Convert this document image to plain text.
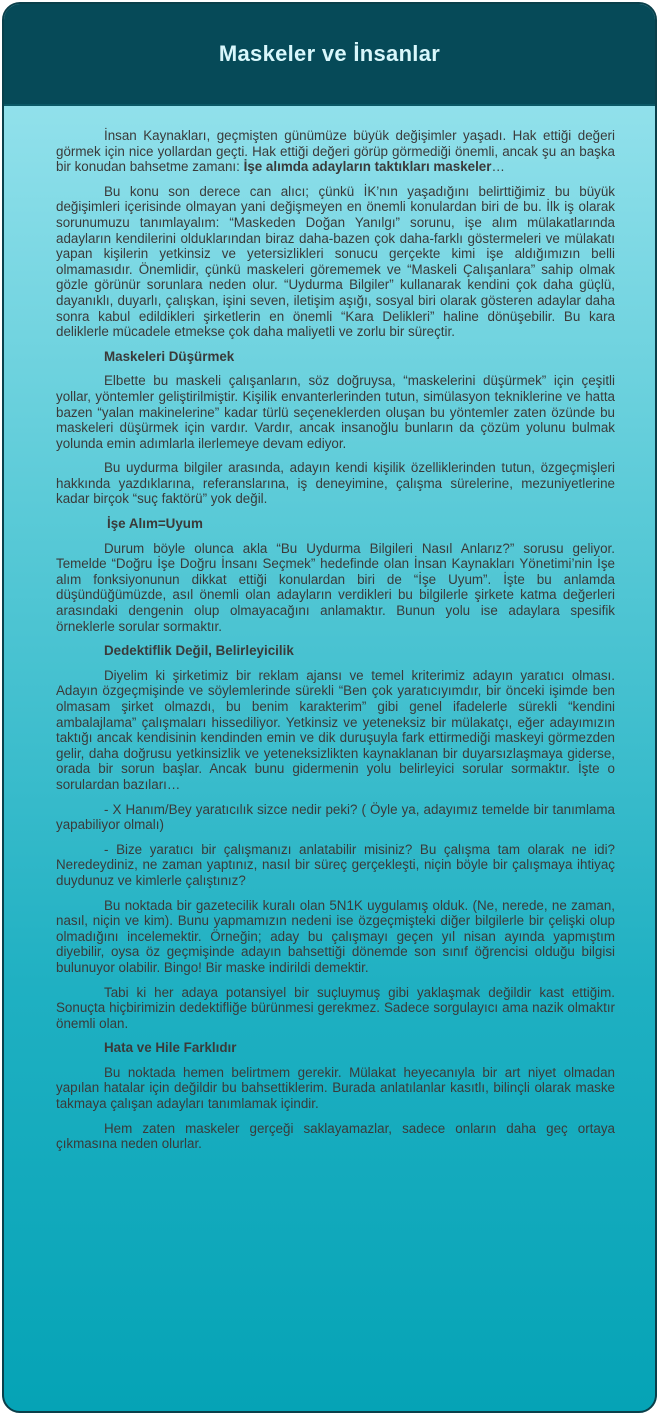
Maskeler ve İnsanlar

İnsan Kaynakları, geçmişten günümüze büyük değişimler yaşadı. Hak ettiği değeri görmek için nice yollardan geçti. Hak ettiği değeri görüp görmediği önemli, ancak şu an başka bir konudan bahsetme zamanı: İşe alımda adayların taktıkları maskeler…

Bu konu son derece can alıcı; çünkü İK’nın yaşadığını belirttiğimiz bu büyük değişimleri içerisinde olmayan yani değişmeyen en önemli konulardan biri de bu. İlk iş olarak sorunumuzu tanımlayalım: “Maskeden Doğan Yanılgı” sorunu, işe alım mülakatlarında adayların kendilerini olduklarından biraz daha-bazen çok daha-farklı göstermeleri ve mülakatı yapan kişilerin yetkinsiz ve yetersizlikleri sonucu gerçekte kimi işe aldığımızın belli olmamasıdır. Önemlidir, çünkü maskeleri görememek ve “Maskeli Çalışanlara” sahip olmak gözle görünür sorunlara neden olur. “Uydurma Bilgiler” kullanarak kendini çok daha güçlü, dayanıklı, duyarlı, çalışkan, işini seven, iletişim aşığı, sosyal biri olarak gösteren adaylar daha sonra kabul edildikleri şirketlerin en önemli “Kara Delikleri” haline dönüşebilir. Bu kara deliklerle mücadele etmekse çok daha maliyetli ve zorlu bir süreçtir.

Maskeleri Düşürmek

Elbette bu maskeli çalışanların, söz doğruysa, “maskelerini düşürmek” için çeşitli yollar, yöntemler geliştirilmiştir. Kişilik envanterlerinden tutun, simülasyon tekniklerine ve hatta bazen “yalan makinelerine” kadar türlü seçeneklerden oluşan bu yöntemler zaten özünde bu maskeleri düşürmek için vardır. Vardır, ancak insanoğlu bunların da çözüm yolunu bulmak yolunda emin adımlarla ilerlemeye devam ediyor.

Bu uydurma bilgiler arasında, adayın kendi kişilik özelliklerinden tutun, özgeçmişleri hakkında yazdıklarına, referanslarına, iş deneyimine, çalışma sürelerine, mezuniyetlerine kadar birçok “suç faktörü” yok değil.

İşe Alım=Uyum

Durum böyle olunca akla “Bu Uydurma Bilgileri Nasıl Anlarız?” sorusu geliyor. Temelde “Doğru İşe Doğru İnsanı Seçmek” hedefinde olan İnsan Kaynakları Yönetimi’nin İşe alım fonksiyonunun dikkat ettiği konulardan biri de “İşe Uyum”. İşte bu anlamda düşündüğümüzde, asıl önemli olan adayların verdikleri bu bilgilerle şirkete katma değerleri arasındaki dengenin olup olmayacağını anlamaktır. Bunun yolu ise adaylara spesifik örneklerle sorular sormaktır.

Dedektiflik Değil, Belirleyicilik

Diyelim ki şirketimiz bir reklam ajansı ve temel kriterimiz adayın yaratıcı olması. Adayın özgeçmişinde ve söylemlerinde sürekli “Ben çok yaratıcıyımdır, bir önceki işimde ben olmasam şirket olmazdı, bu benim karakterim” gibi genel ifadelerle sürekli “kendini ambalajlama” çalışmaları hissediliyor. Yetkinsiz ve yeteneksiz bir mülakatçı, eğer adayımızın taktığı ancak kendisinin kendinden emin ve dik duruşuyla fark ettirmediği maskeyi görmezden gelir, daha doğrusu yetkinsizlik ve yeteneksizlikten kaynaklanan bir duyarsızlaşmaya giderse, orada bir sorun başlar. Ancak bunu gidermenin yolu belirleyici sorular sormaktır. İşte o sorulardan bazıları…

- X Hanım/Bey yaratıcılık sizce nedir peki? ( Öyle ya, adayımız temelde bir tanımlama yapabiliyor olmalı)

- Bize yaratıcı bir çalışmanızı anlatabilir misiniz? Bu çalışma tam olarak ne idi? Neredeydiniz, ne zaman yaptınız, nasıl bir süreç gerçekleşti, niçin böyle bir çalışmaya ihtiyaç duydunuz ve kimlerle çalıştınız?

Bu noktada bir gazetecilik kuralı olan 5N1K uygulamış olduk. (Ne, nerede, ne zaman, nasıl, niçin ve kim). Bunu yapmamızın nedeni ise özgeçmişteki diğer bilgilerle bir çelişki olup olmadığını incelemektir. Örneğin; aday bu çalışmayı geçen yıl nisan ayında yapmıştım diyebilir, oysa öz geçmişinde adayın bahsettiği dönemde son sınıf öğrencisi olduğu bilgisi bulunuyor olabilir. Bingo! Bir maske indirildi demektir.

Tabi ki her adaya potansiyel bir suçluymuş gibi yaklaşmak değildir kast ettiğim. Sonuçta hiçbirimizin dedektifliğe bürünmesi gerekmez. Sadece sorgulayıcı ama nazik olmaktır önemli olan.

Hata ve Hile Farklıdır

Bu noktada hemen belirtmem gerekir. Mülakat heyecanıyla bir art niyet olmadan yapılan hatalar için değildir bu bahsettiklerim. Burada anlatılanlar kasıtlı, bilinçli olarak maske takmaya çalışan adayları tanımlamak içindir.

Hem zaten maskeler gerçeği saklayamazlar, sadece onların daha geç ortaya çıkmasına neden olurlar.
